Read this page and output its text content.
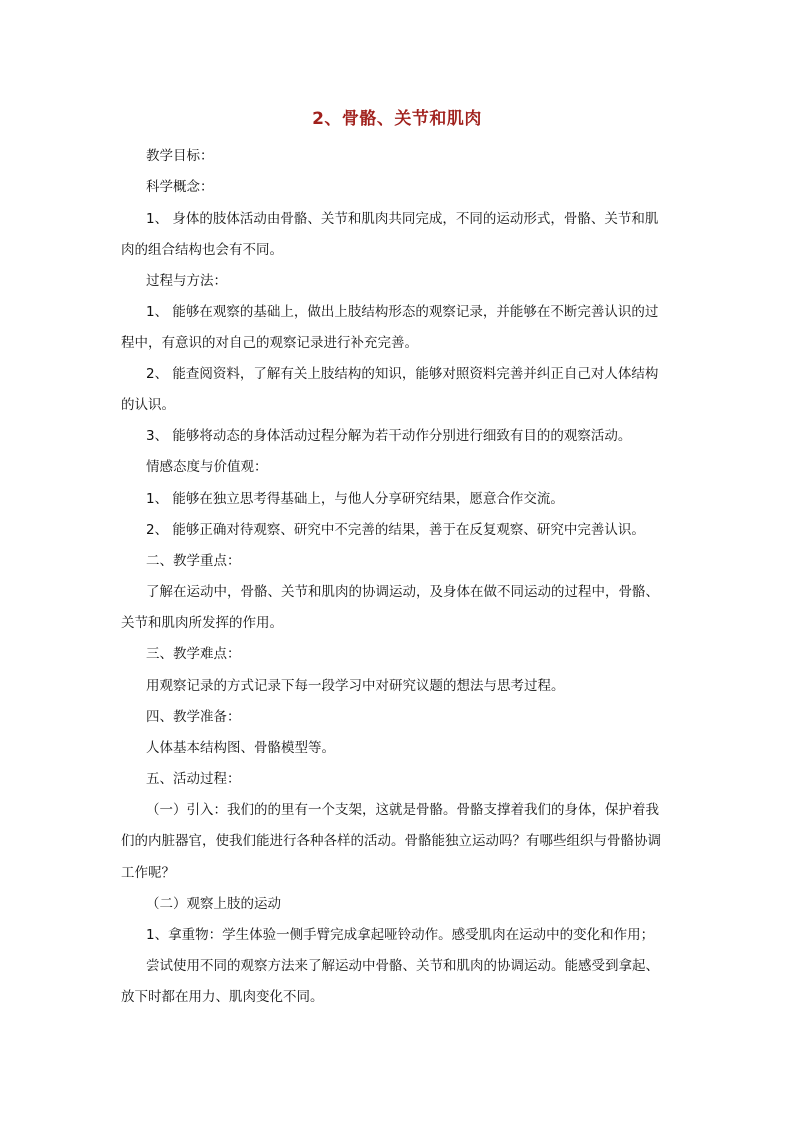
2、骨骼、关节和肌肉
教学目标：
科学概念：
1、 身体的肢体活动由骨骼、关节和肌肉共同完成，不同的运动形式，骨骼、关节和肌
肉的组合结构也会有不同。
过程与方法：
1、 能够在观察的基础上，做出上肢结构形态的观察记录，并能够在不断完善认识的过
程中，有意识的对自己的观察记录进行补充完善。
2、 能查阅资料，了解有关上肢结构的知识，能够对照资料完善并纠正自己对人体结构
的认识。
3、 能够将动态的身体活动过程分解为若干动作分别进行细致有目的的观察活动。
情感态度与价值观：
1、 能够在独立思考得基础上，与他人分享研究结果，愿意合作交流。
2、 能够正确对待观察、研究中不完善的结果，善于在反复观察、研究中完善认识。
二、教学重点：
了解在运动中，骨骼、关节和肌肉的协调运动，及身体在做不同运动的过程中，骨骼、
关节和肌肉所发挥的作用。
三、教学难点：
用观察记录的方式记录下每一段学习中对研究议题的想法与思考过程。
四、教学准备：
人体基本结构图、骨骼模型等。
五、活动过程：
（一）引入：我们的的里有一个支架，这就是骨骼。骨骼支撑着我们的身体，保护着我
们的内脏器官，使我们能进行各种各样的活动。骨骼能独立运动吗？有哪些组织与骨骼协调
工作呢？
（二）观察上肢的运动
1、拿重物：学生体验一侧手臂完成拿起哑铃动作。感受肌肉在运动中的变化和作用；
尝试使用不同的观察方法来了解运动中骨骼、关节和肌肉的协调运动。能感受到拿起、
放下时都在用力、肌肉变化不同。
